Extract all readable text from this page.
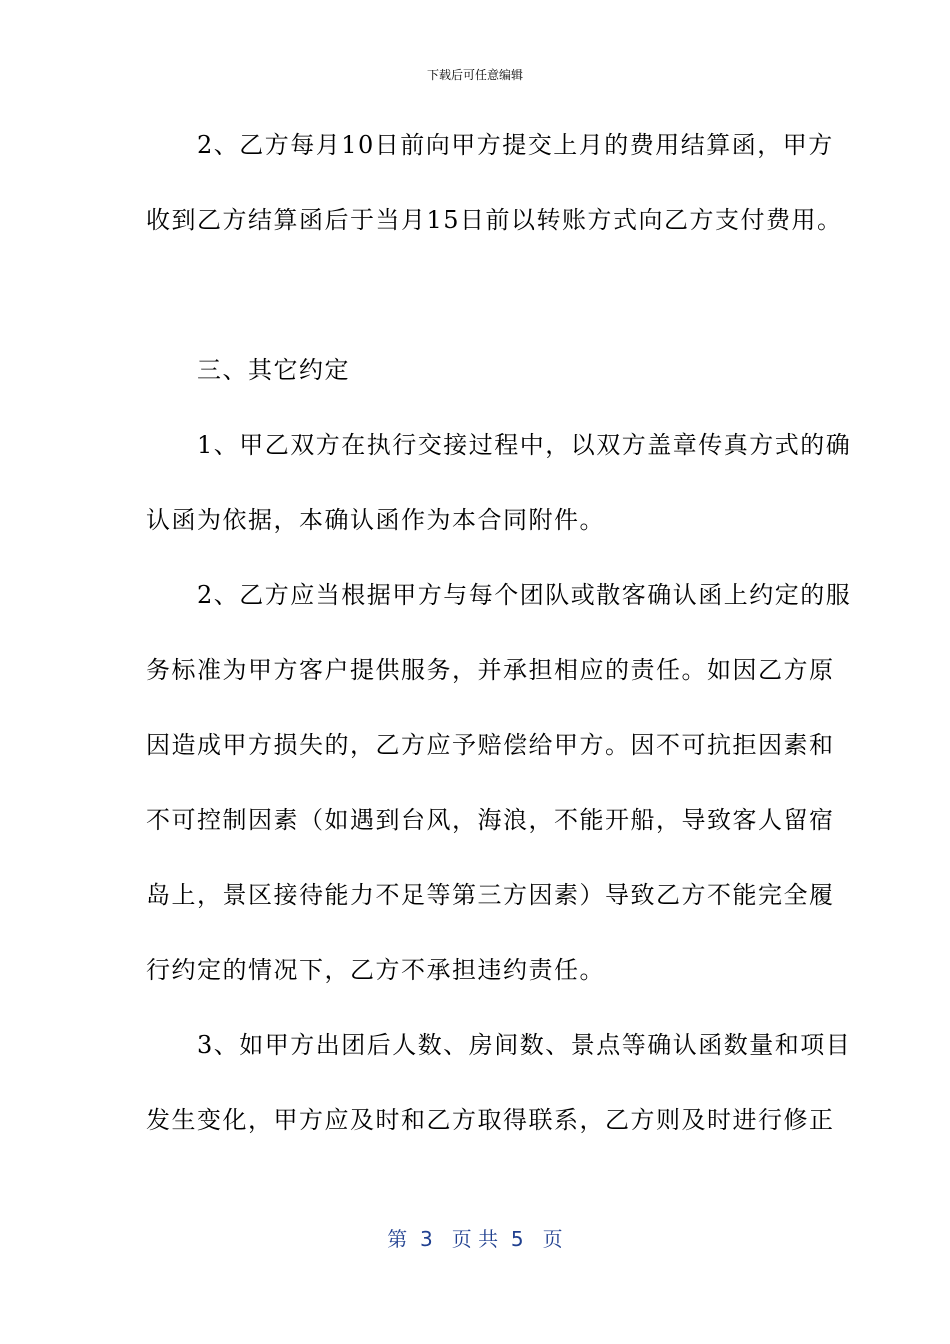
下载后可任意编辑
　　2、乙方每月10日前向甲方提交上月的费用结算函，甲方
收到乙方结算函后于当月15日前以转账方式向乙方支付费用。
　　三、其它约定
　　1、甲乙双方在执行交接过程中，以双方盖章传真方式的确
认函为依据，本确认函作为本合同附件。
　　2、乙方应当根据甲方与每个团队或散客确认函上约定的服
务标准为甲方客户提供服务，并承担相应的责任。如因乙方原
因造成甲方损失的，乙方应予赔偿给甲方。因不可抗拒因素和
不可控制因素（如遇到台风，海浪，不能开船，导致客人留宿
岛上，景区接待能力不足等第三方因素）导致乙方不能完全履
行约定的情况下，乙方不承担违约责任。
　　3、如甲方出团后人数、房间数、景点等确认函数量和项目
发生变化，甲方应及时和乙方取得联系，乙方则及时进行修正
第  3   页 共  5   页
